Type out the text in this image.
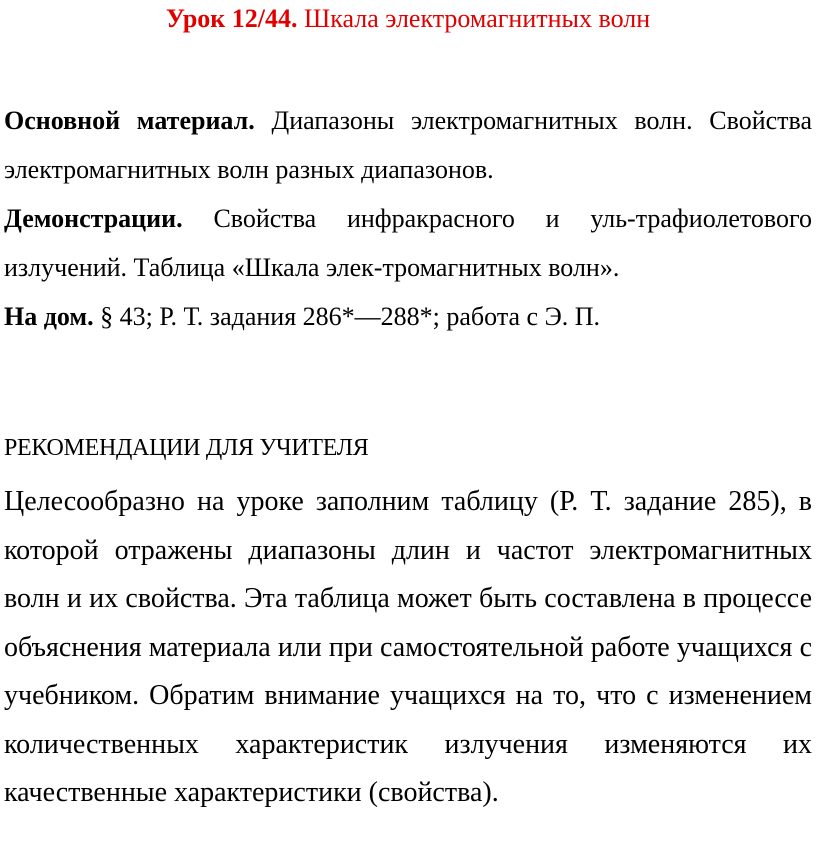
Урок 12/44. Шкала электромагнитных волн

Основной материал. Диапазоны электромагнитных волн. Свойства электромагнитных волн разных диапазонов.

Демонстрации. Свойства инфракрасного и уль-трафиолетового излучений. Таблица «Шкала элек-тромагнитных волн».

На дом. § 43; Р. Т. задания 286*—288*; работа с Э. П.

РЕКОМЕНДАЦИИ ДЛЯ УЧИТЕЛЯ

Целесообразно на уроке заполним таблицу (Р. Т. задание 285), в которой отражены диапазоны длин и частот электромагнитных волн и их свойства. Эта таблица может быть составлена в процессе объяснения материала или при самостоятельной работе учащихся с учебником. Обратим внимание учащихся на то, что с изменением количественных характеристик излучения изменяются их качественные характеристики (свойства).
